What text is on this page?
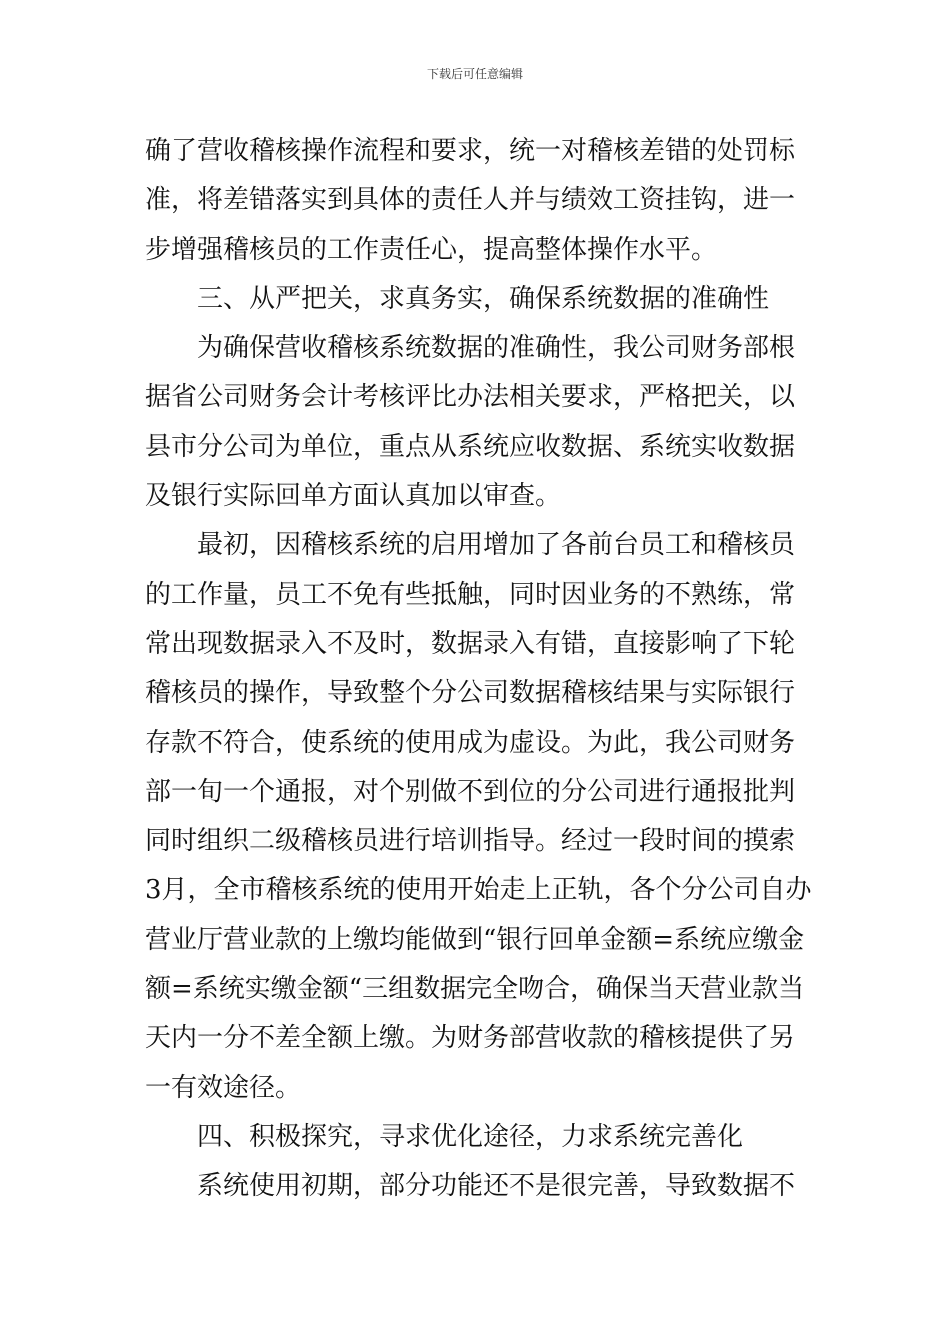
下载后可任意编辑
确了营收稽核操作流程和要求，统一对稽核差错的处罚标
准，将差错落实到具体的责任人并与绩效工资挂钩，进一
步增强稽核员的工作责任心，提高整体操作水平。
三、从严把关，求真务实，确保系统数据的准确性
为确保营收稽核系统数据的准确性，我公司财务部根
据省公司财务会计考核评比办法相关要求，严格把关，以
县市分公司为单位，重点从系统应收数据、系统实收数据
及银行实际回单方面认真加以审查。
最初，因稽核系统的启用增加了各前台员工和稽核员
的工作量，员工不免有些抵触，同时因业务的不熟练，常
常出现数据录入不及时，数据录入有错，直接影响了下轮
稽核员的操作，导致整个分公司数据稽核结果与实际银行
存款不符合，使系统的使用成为虚设。为此，我公司财务
部一旬一个通报，对个别做不到位的分公司进行通报批判
同时组织二级稽核员进行培训指导。经过一段时间的摸索
3月，全市稽核系统的使用开始走上正轨，各个分公司自办
营业厅营业款的上缴均能做到“银行回单金额=系统应缴金
额=系统实缴金额“三组数据完全吻合，确保当天营业款当
天内一分不差全额上缴。为财务部营收款的稽核提供了另
一有效途径。
四、积极探究，寻求优化途径，力求系统完善化
系统使用初期，部分功能还不是很完善，导致数据不
